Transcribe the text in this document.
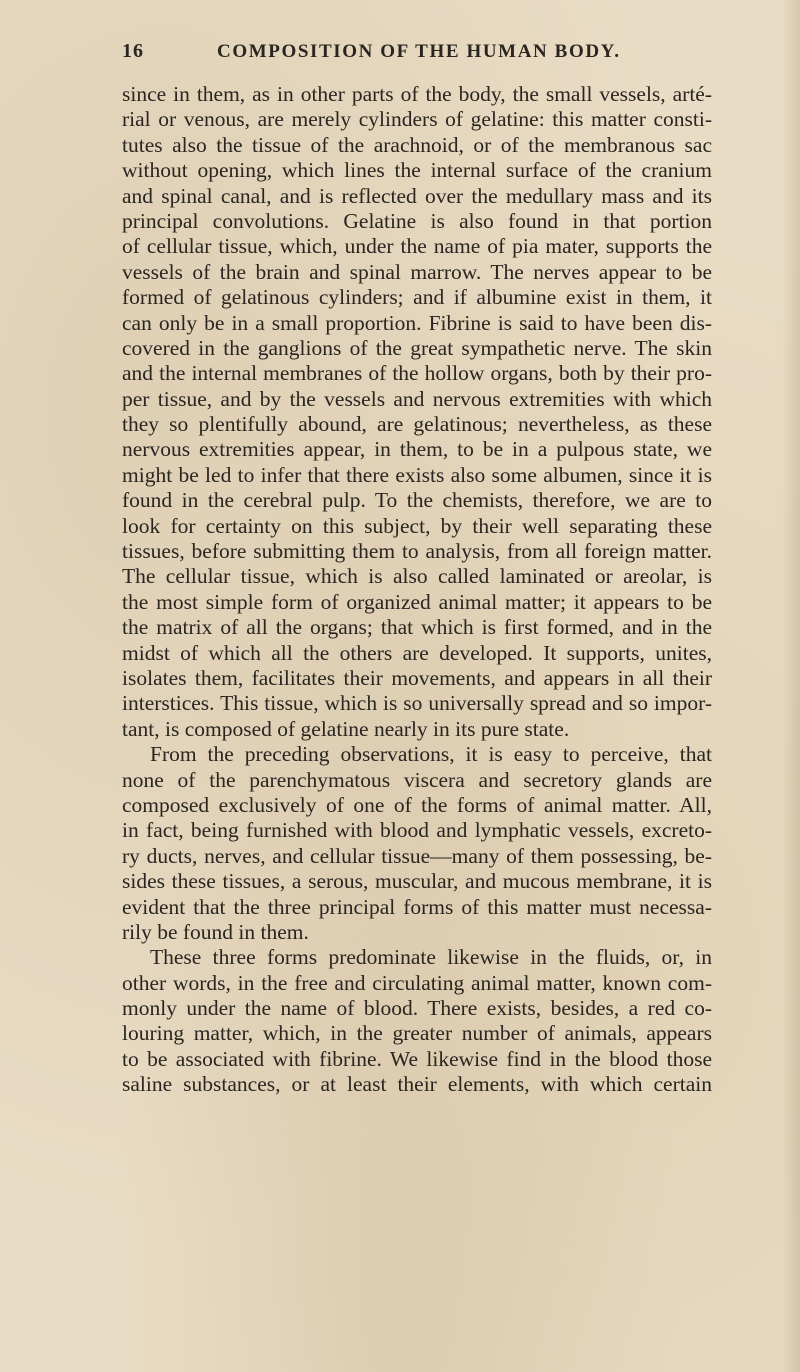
16	COMPOSITION OF THE HUMAN BODY.
since in them, as in other parts of the body, the small vessels, arté-
rial or venous, are merely cylinders of gelatine: this matter consti-
tutes also the tissue of the arachnoid, or of the membranous sac
without opening, which lines the internal surface of the cranium
and spinal canal, and is reflected over the medullary mass and its
principal convolutions. Gelatine is also found in that portion
of cellular tissue, which, under the name of pia mater, supports the
vessels of the brain and spinal marrow. The nerves appear to be
formed of gelatinous cylinders; and if albumine exist in them, it
can only be in a small proportion. Fibrine is said to have been dis-
covered in the ganglions of the great sympathetic nerve. The skin
and the internal membranes of the hollow organs, both by their pro-
per tissue, and by the vessels and nervous extremities with which
they so plentifully abound, are gelatinous; nevertheless, as these
nervous extremities appear, in them, to be in a pulpous state, we
might be led to infer that there exists also some albumen, since it is
found in the cerebral pulp. To the chemists, therefore, we are to
look for certainty on this subject, by their well separating these
tissues, before submitting them to analysis, from all foreign matter.
The cellular tissue, which is also called laminated or areolar, is
the most simple form of organized animal matter; it appears to be
the matrix of all the organs; that which is first formed, and in the
midst of which all the others are developed. It supports, unites,
isolates them, facilitates their movements, and appears in all their
interstices. This tissue, which is so universally spread and so impor-
tant, is composed of gelatine nearly in its pure state.
From the preceding observations, it is easy to perceive, that
none of the parenchymatous viscera and secretory glands are
composed exclusively of one of the forms of animal matter. All,
in fact, being furnished with blood and lymphatic vessels, excreto-
ry ducts, nerves, and cellular tissue—many of them possessing, be-
sides these tissues, a serous, muscular, and mucous membrane, it is
evident that the three principal forms of this matter must necessa-
rily be found in them.
These three forms predominate likewise in the fluids, or, in
other words, in the free and circulating animal matter, known com-
monly under the name of blood. There exists, besides, a red co-
louring matter, which, in the greater number of animals, appears
to be associated with fibrine. We likewise find in the blood those
saline substances, or at least their elements, with which certain
